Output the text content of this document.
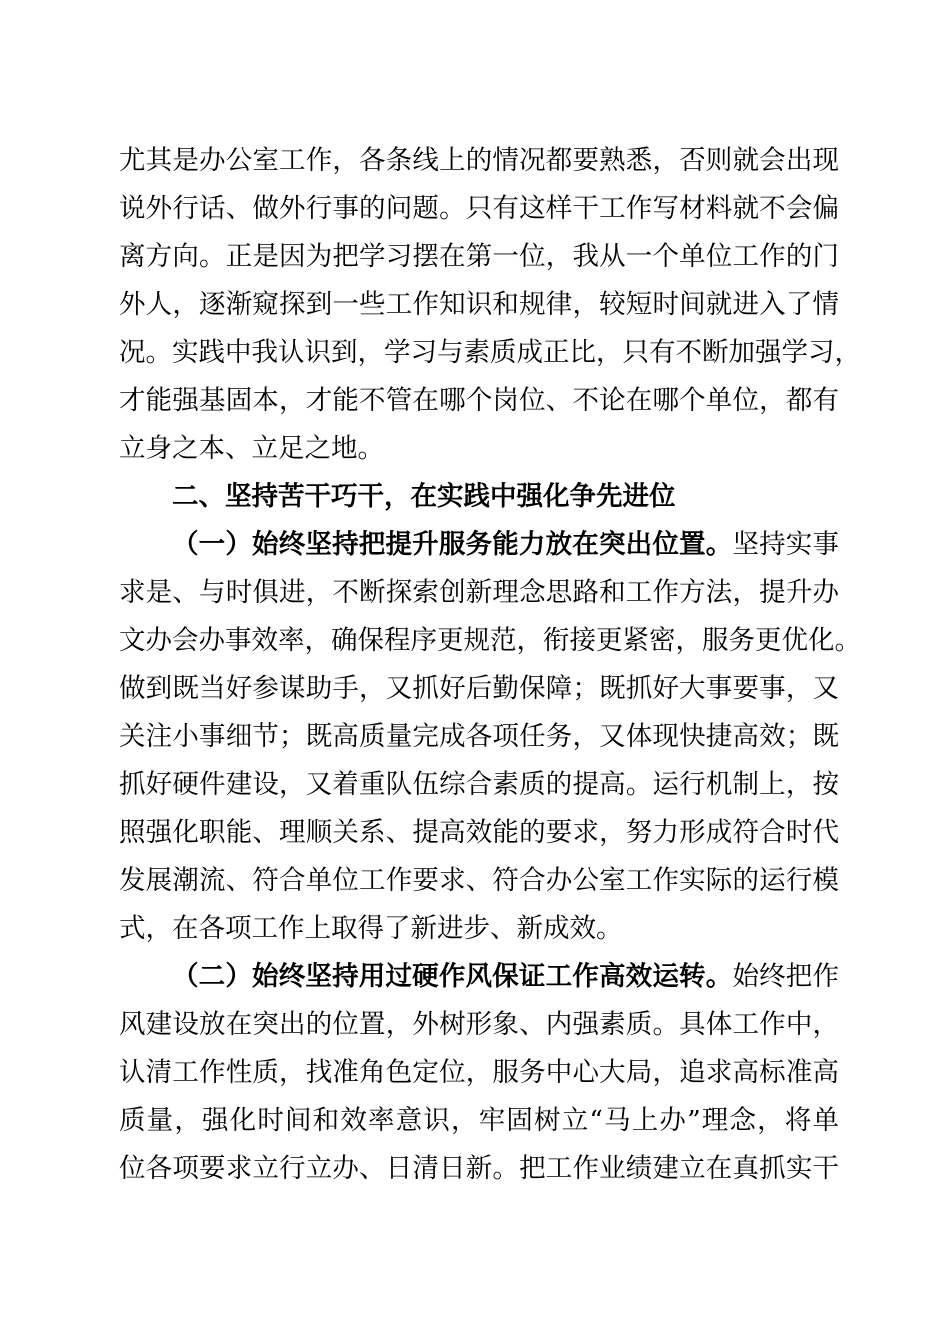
尤其是办公室工作，各条线上的情况都要熟悉，否则就会出现
说外行话、做外行事的问题。只有这样干工作写材料就不会偏
离方向。正是因为把学习摆在第一位，我从一个单位工作的门
外人，逐渐窥探到一些工作知识和规律，较短时间就进入了情
况。实践中我认识到，学习与素质成正比，只有不断加强学习，
才能强基固本，才能不管在哪个岗位、不论在哪个单位，都有
立身之本、立足之地。
二、坚持苦干巧干，在实践中强化争先进位
（一）始终坚持把提升服务能力放在突出位置。坚持实事
求是、与时俱进，不断探索创新理念思路和工作方法，提升办
文办会办事效率，确保程序更规范，衔接更紧密，服务更优化。
做到既当好参谋助手，又抓好后勤保障；既抓好大事要事，又
关注小事细节；既高质量完成各项任务，又体现快捷高效；既
抓好硬件建设，又着重队伍综合素质的提高。运行机制上，按
照强化职能、理顺关系、提高效能的要求，努力形成符合时代
发展潮流、符合单位工作要求、符合办公室工作实际的运行模
式，在各项工作上取得了新进步、新成效。
（二）始终坚持用过硬作风保证工作高效运转。始终把作
风建设放在突出的位置，外树形象、内强素质。具体工作中，
认清工作性质，找准角色定位，服务中心大局，追求高标准高
质量，强化时间和效率意识，牢固树立“马上办”理念，将单
位各项要求立行立办、日清日新。把工作业绩建立在真抓实干
